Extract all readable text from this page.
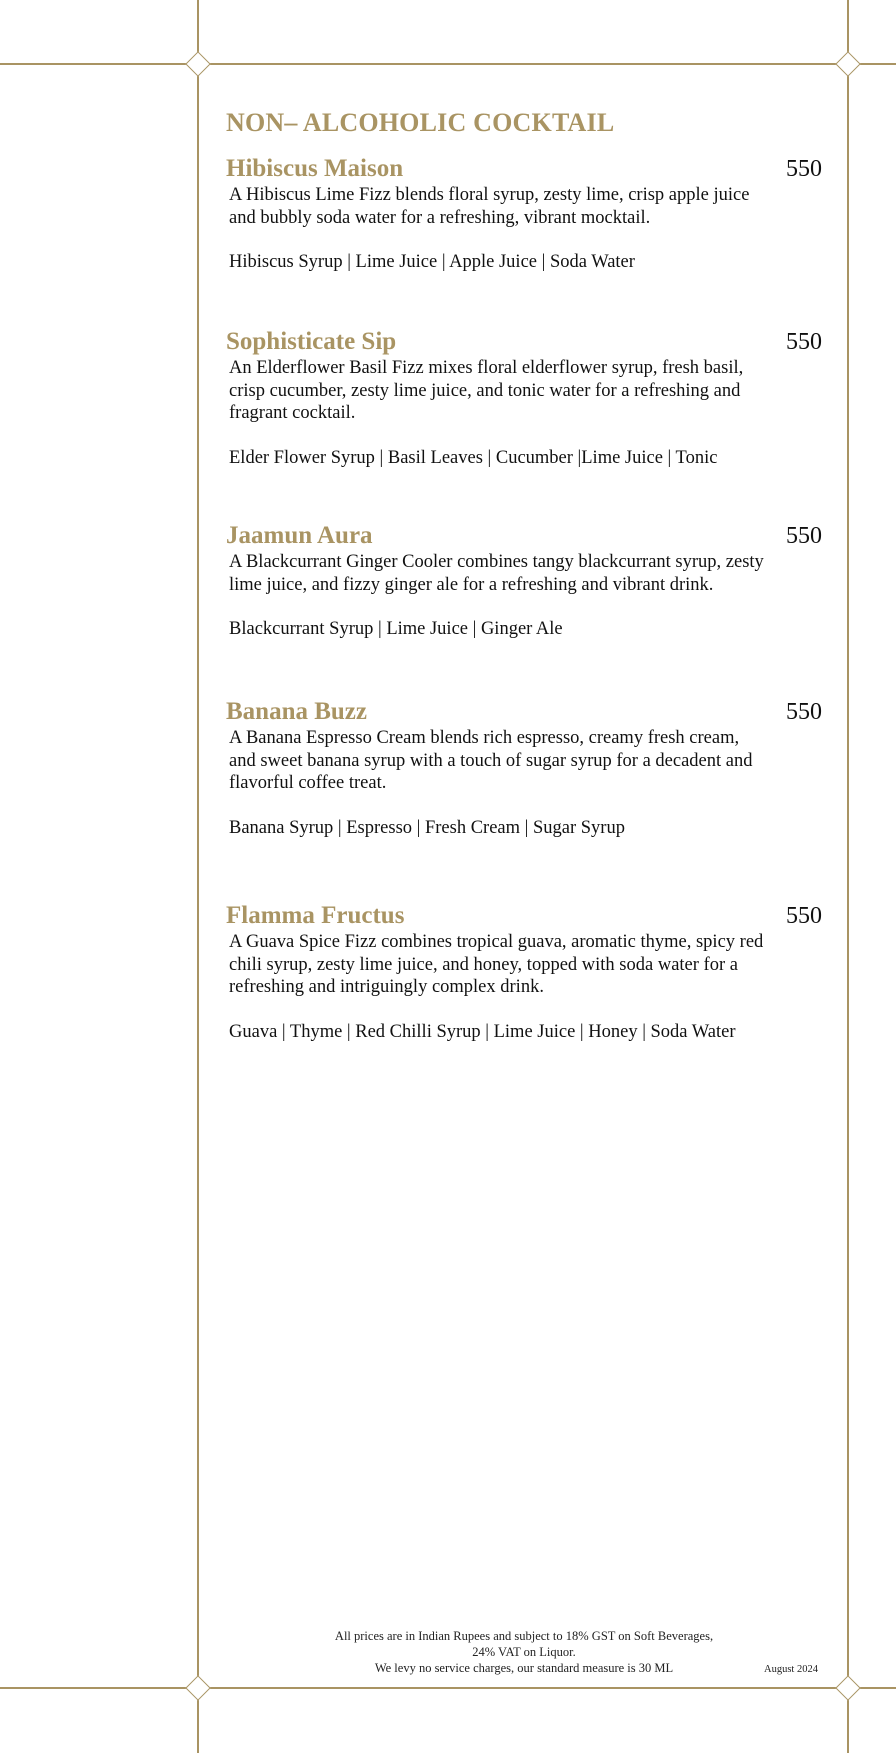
NON– ALCOHOLIC COCKTAIL
Hibiscus Maison	550

A Hibiscus Lime Fizz blends floral syrup, zesty lime, crisp apple juice and bubbly soda water for a refreshing, vibrant mocktail.

Hibiscus Syrup | Lime Juice | Apple Juice | Soda Water

Sophisticate Sip	550

An Elderflower Basil Fizz mixes floral elderflower syrup, fresh basil, crisp cucumber, zesty lime juice, and tonic water for a refreshing and fragrant cocktail.

Elder Flower Syrup | Basil Leaves | Cucumber |Lime Juice | Tonic

Jaamun Aura	550

A Blackcurrant Ginger Cooler combines tangy blackcurrant syrup, zesty lime juice, and fizzy ginger ale for a refreshing and vibrant drink.

Blackcurrant Syrup | Lime Juice | Ginger Ale

Banana Buzz	550

A Banana Espresso Cream blends rich espresso, creamy fresh cream, and sweet banana syrup with a touch of sugar syrup for a decadent and flavorful coffee treat.

Banana Syrup | Espresso | Fresh Cream | Sugar Syrup

Flamma Fructus	550

A Guava Spice Fizz combines tropical guava, aromatic thyme, spicy red chili syrup, zesty lime juice, and honey, topped with soda water for a refreshing and intriguingly complex drink.

Guava | Thyme | Red Chilli Syrup | Lime Juice | Honey | Soda Water

All prices are in Indian Rupees and subject to 18% GST on Soft Beverages,
24% VAT on Liquor.
We levy no service charges, our standard measure is 30 ML	August 2024
